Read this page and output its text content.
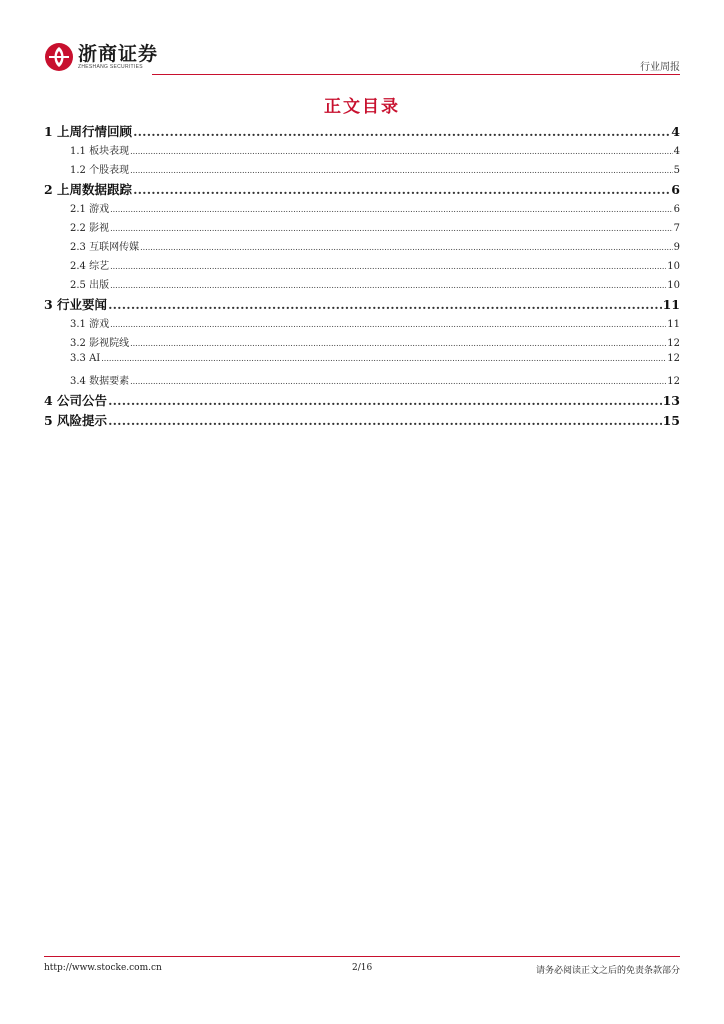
浙商证券
ZHESHANG SECURITIES	行业周报
正文目录
1 上周行情回顾 .....	4
1.1 板块表现 .....	4
1.2 个股表现 .....	5
2 上周数据跟踪 .....	6
2.1 游戏 .....	6
2.2 影视 .....	7
2.3 互联网传媒 .....	9
2.4 综艺 .....	10
2.5 出版 .....	10
3 行业要闻 .....	11
3.1 游戏 .....	11
3.2 影视院线 .....	12
3.3 AI .....	12
3.4 数据要素 .....	12
4 公司公告 .....	13
5 风险提示 .....	15
http://www.stocke.com.cn	2/16	请务必阅读正文之后的免责条款部分
